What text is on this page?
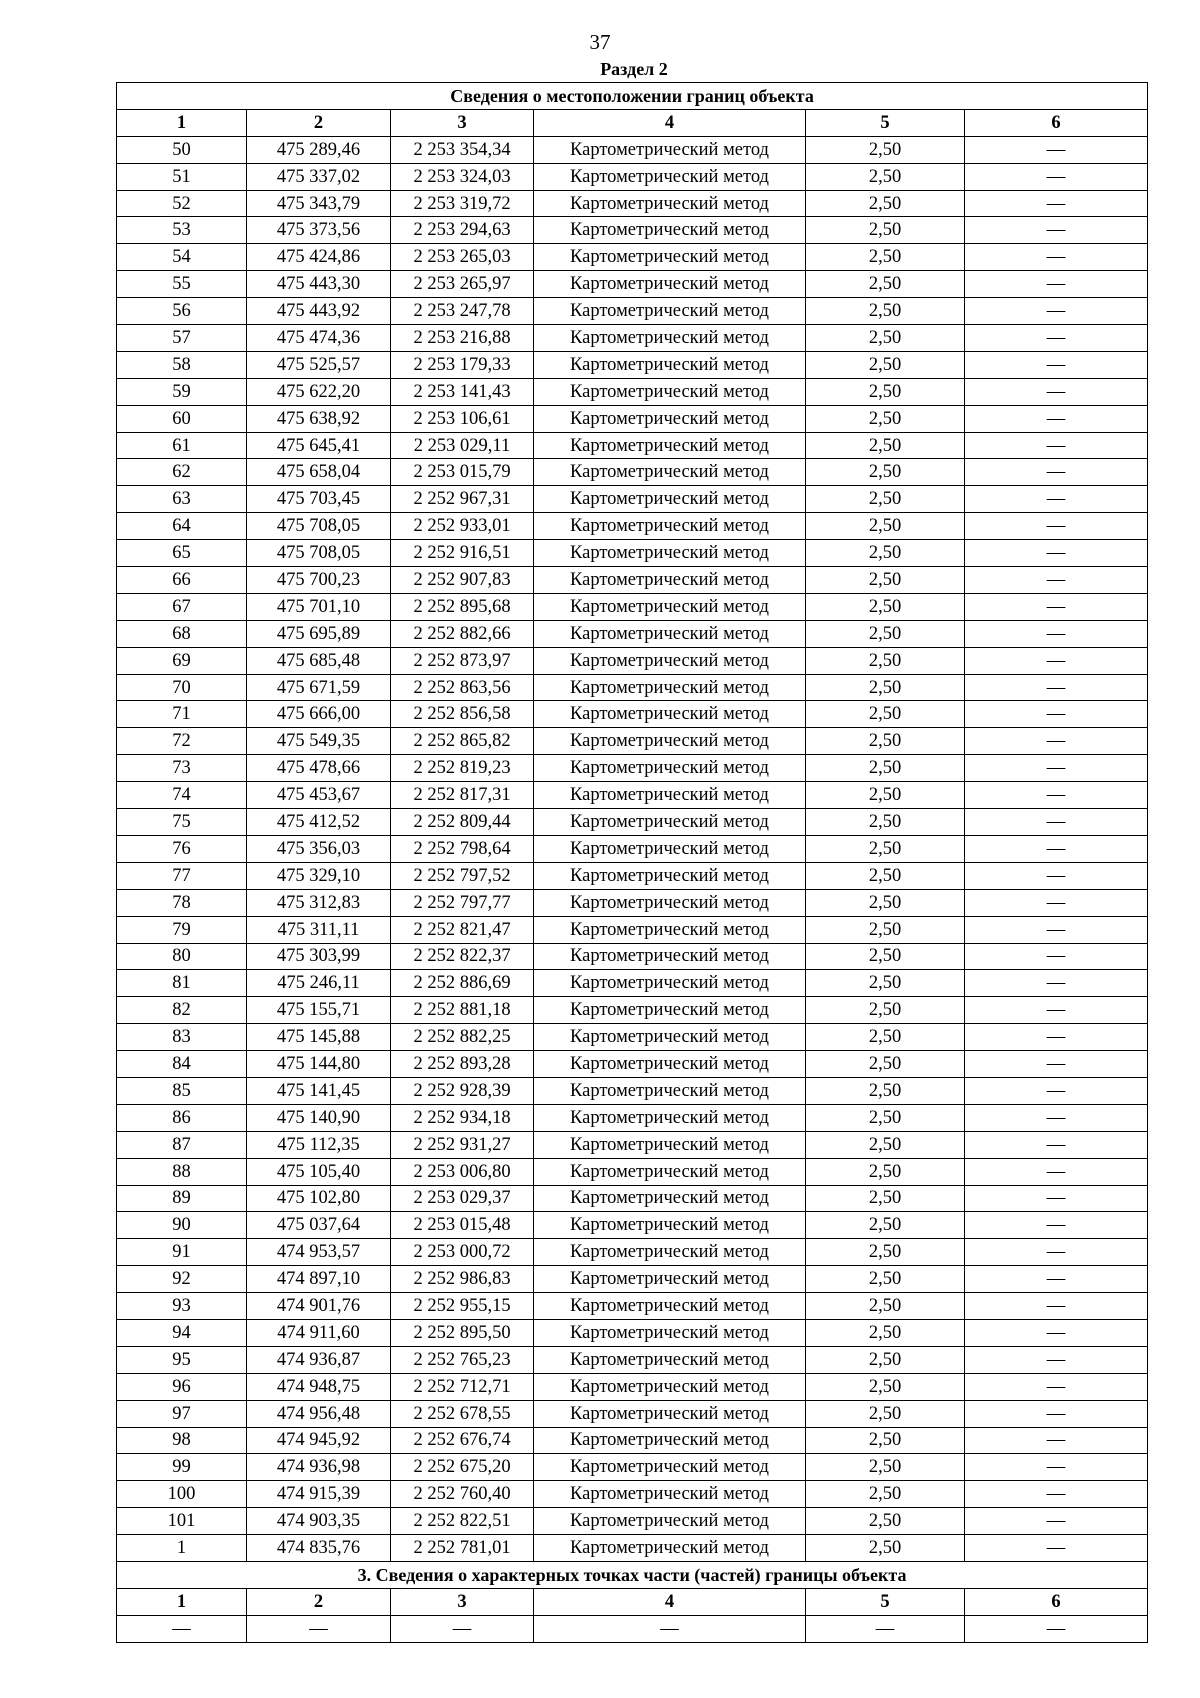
37
Раздел 2
Сведения о местоположении границ объекта					
1	2	3	4	5	6
50	475 289,46	2 253 354,34	Картометрический метод	2,50	—
51	475 337,02	2 253 324,03	Картометрический метод	2,50	—
52	475 343,79	2 253 319,72	Картометрический метод	2,50	—
53	475 373,56	2 253 294,63	Картометрический метод	2,50	—
54	475 424,86	2 253 265,03	Картометрический метод	2,50	—
55	475 443,30	2 253 265,97	Картометрический метод	2,50	—
56	475 443,92	2 253 247,78	Картометрический метод	2,50	—
57	475 474,36	2 253 216,88	Картометрический метод	2,50	—
58	475 525,57	2 253 179,33	Картометрический метод	2,50	—
59	475 622,20	2 253 141,43	Картометрический метод	2,50	—
60	475 638,92	2 253 106,61	Картометрический метод	2,50	—
61	475 645,41	2 253 029,11	Картометрический метод	2,50	—
62	475 658,04	2 253 015,79	Картометрический метод	2,50	—
63	475 703,45	2 252 967,31	Картометрический метод	2,50	—
64	475 708,05	2 252 933,01	Картометрический метод	2,50	—
65	475 708,05	2 252 916,51	Картометрический метод	2,50	—
66	475 700,23	2 252 907,83	Картометрический метод	2,50	—
67	475 701,10	2 252 895,68	Картометрический метод	2,50	—
68	475 695,89	2 252 882,66	Картометрический метод	2,50	—
69	475 685,48	2 252 873,97	Картометрический метод	2,50	—
70	475 671,59	2 252 863,56	Картометрический метод	2,50	—
71	475 666,00	2 252 856,58	Картометрический метод	2,50	—
72	475 549,35	2 252 865,82	Картометрический метод	2,50	—
73	475 478,66	2 252 819,23	Картометрический метод	2,50	—
74	475 453,67	2 252 817,31	Картометрический метод	2,50	—
75	475 412,52	2 252 809,44	Картометрический метод	2,50	—
76	475 356,03	2 252 798,64	Картометрический метод	2,50	—
77	475 329,10	2 252 797,52	Картометрический метод	2,50	—
78	475 312,83	2 252 797,77	Картометрический метод	2,50	—
79	475 311,11	2 252 821,47	Картометрический метод	2,50	—
80	475 303,99	2 252 822,37	Картометрический метод	2,50	—
81	475 246,11	2 252 886,69	Картометрический метод	2,50	—
82	475 155,71	2 252 881,18	Картометрический метод	2,50	—
83	475 145,88	2 252 882,25	Картометрический метод	2,50	—
84	475 144,80	2 252 893,28	Картометрический метод	2,50	—
85	475 141,45	2 252 928,39	Картометрический метод	2,50	—
86	475 140,90	2 252 934,18	Картометрический метод	2,50	—
87	475 112,35	2 252 931,27	Картометрический метод	2,50	—
88	475 105,40	2 253 006,80	Картометрический метод	2,50	—
89	475 102,80	2 253 029,37	Картометрический метод	2,50	—
90	475 037,64	2 253 015,48	Картометрический метод	2,50	—
91	474 953,57	2 253 000,72	Картометрический метод	2,50	—
92	474 897,10	2 252 986,83	Картометрический метод	2,50	—
93	474 901,76	2 252 955,15	Картометрический метод	2,50	—
94	474 911,60	2 252 895,50	Картометрический метод	2,50	—
95	474 936,87	2 252 765,23	Картометрический метод	2,50	—
96	474 948,75	2 252 712,71	Картометрический метод	2,50	—
97	474 956,48	2 252 678,55	Картометрический метод	2,50	—
98	474 945,92	2 252 676,74	Картометрический метод	2,50	—
99	474 936,98	2 252 675,20	Картометрический метод	2,50	—
100	474 915,39	2 252 760,40	Картометрический метод	2,50	—
101	474 903,35	2 252 822,51	Картометрический метод	2,50	—
1	474 835,76	2 252 781,01	Картометрический метод	2,50	—
3. Сведения о характерных точках части (частей) границы объекта					
1	2	3	4	5	6
—	—	—	—	—	—
